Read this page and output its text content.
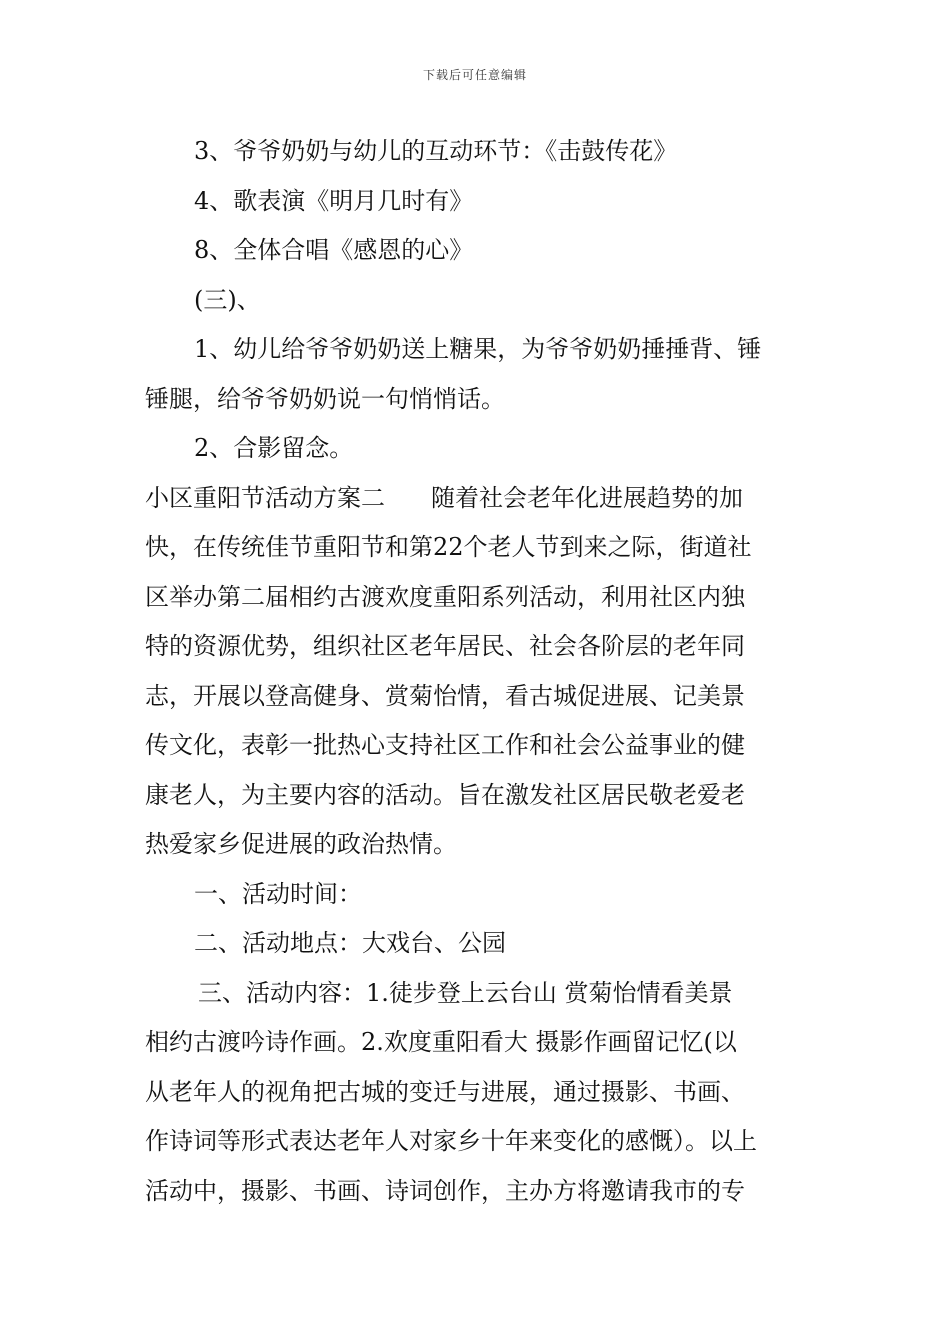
下载后可任意编辑

3、爷爷奶奶与幼儿的互动环节：《击鼓传花》

4、歌表演《明月几时有》

8、全体合唱《感恩的心》

(三)、

1、幼儿给爷爷奶奶送上糖果，为爷爷奶奶捶捶背、锤

锤腿，给爷爷奶奶说一句悄悄话。

2、合影留念。

小区重阳节活动方案二 随着社会老年化进展趋势的加

快，在传统佳节重阳节和第22个老人节到来之际，街道社

区举办第二届相约古渡欢度重阳系列活动，利用社区内独

特的资源优势，组织社区老年居民、社会各阶层的老年同

志，开展以登高健身、赏菊怡情，看古城促进展、记美景

传文化，表彰一批热心支持社区工作和社会公益事业的健

康老人，为主要内容的活动。旨在激发社区居民敬老爱老

热爱家乡促进展的政治热情。

一、活动时间：

二、活动地点：大戏台、公园

三、活动内容：1.徒步登上云台山 赏菊怡情看美景

相约古渡吟诗作画。2.欢度重阳看大 摄影作画留记忆(以

从老年人的视角把古城的变迁与进展，通过摄影、书画、

作诗词等形式表达老年人对家乡十年来变化的感慨）。以上

活动中，摄影、书画、诗词创作，主办方将邀请我市的专
